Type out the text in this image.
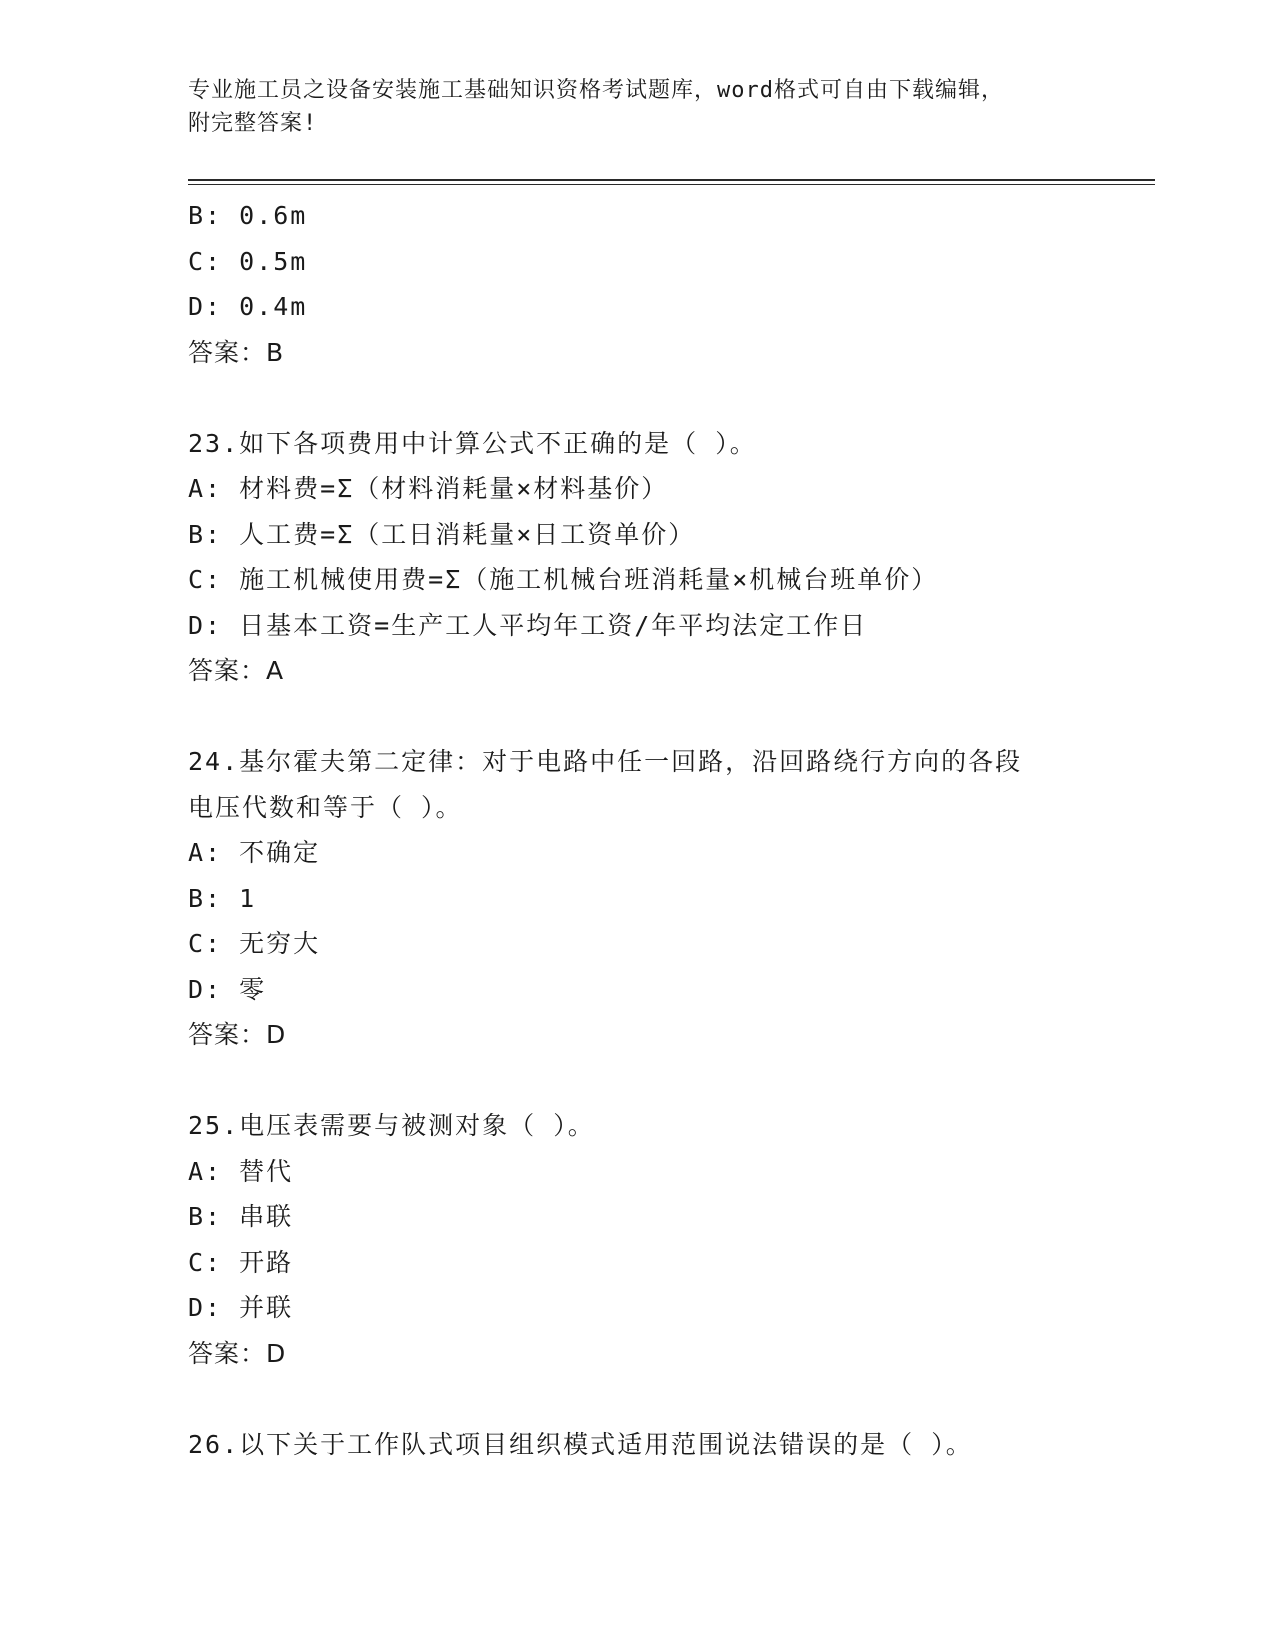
专业施工员之设备安装施工基础知识资格考试题库，word格式可自由下载编辑，
附完整答案!
B: 0.6m
C: 0.5m
D: 0.4m
答案：B
23.如下各项费用中计算公式不正确的是（ ）。
A: 材料费=Σ（材料消耗量×材料基价）
B: 人工费=Σ（工日消耗量×日工资单价）
C: 施工机械使用费=Σ（施工机械台班消耗量×机械台班单价）
D: 日基本工资=生产工人平均年工资/年平均法定工作日
答案：A
24.基尔霍夫第二定律：对于电路中任一回路，沿回路绕行方向的各段
电压代数和等于（ ）。
A: 不确定
B: 1
C: 无穷大
D: 零
答案：D
25.电压表需要与被测对象（ ）。
A: 替代
B: 串联
C: 开路
D: 并联
答案：D
26.以下关于工作队式项目组织模式适用范围说法错误的是（ ）。
